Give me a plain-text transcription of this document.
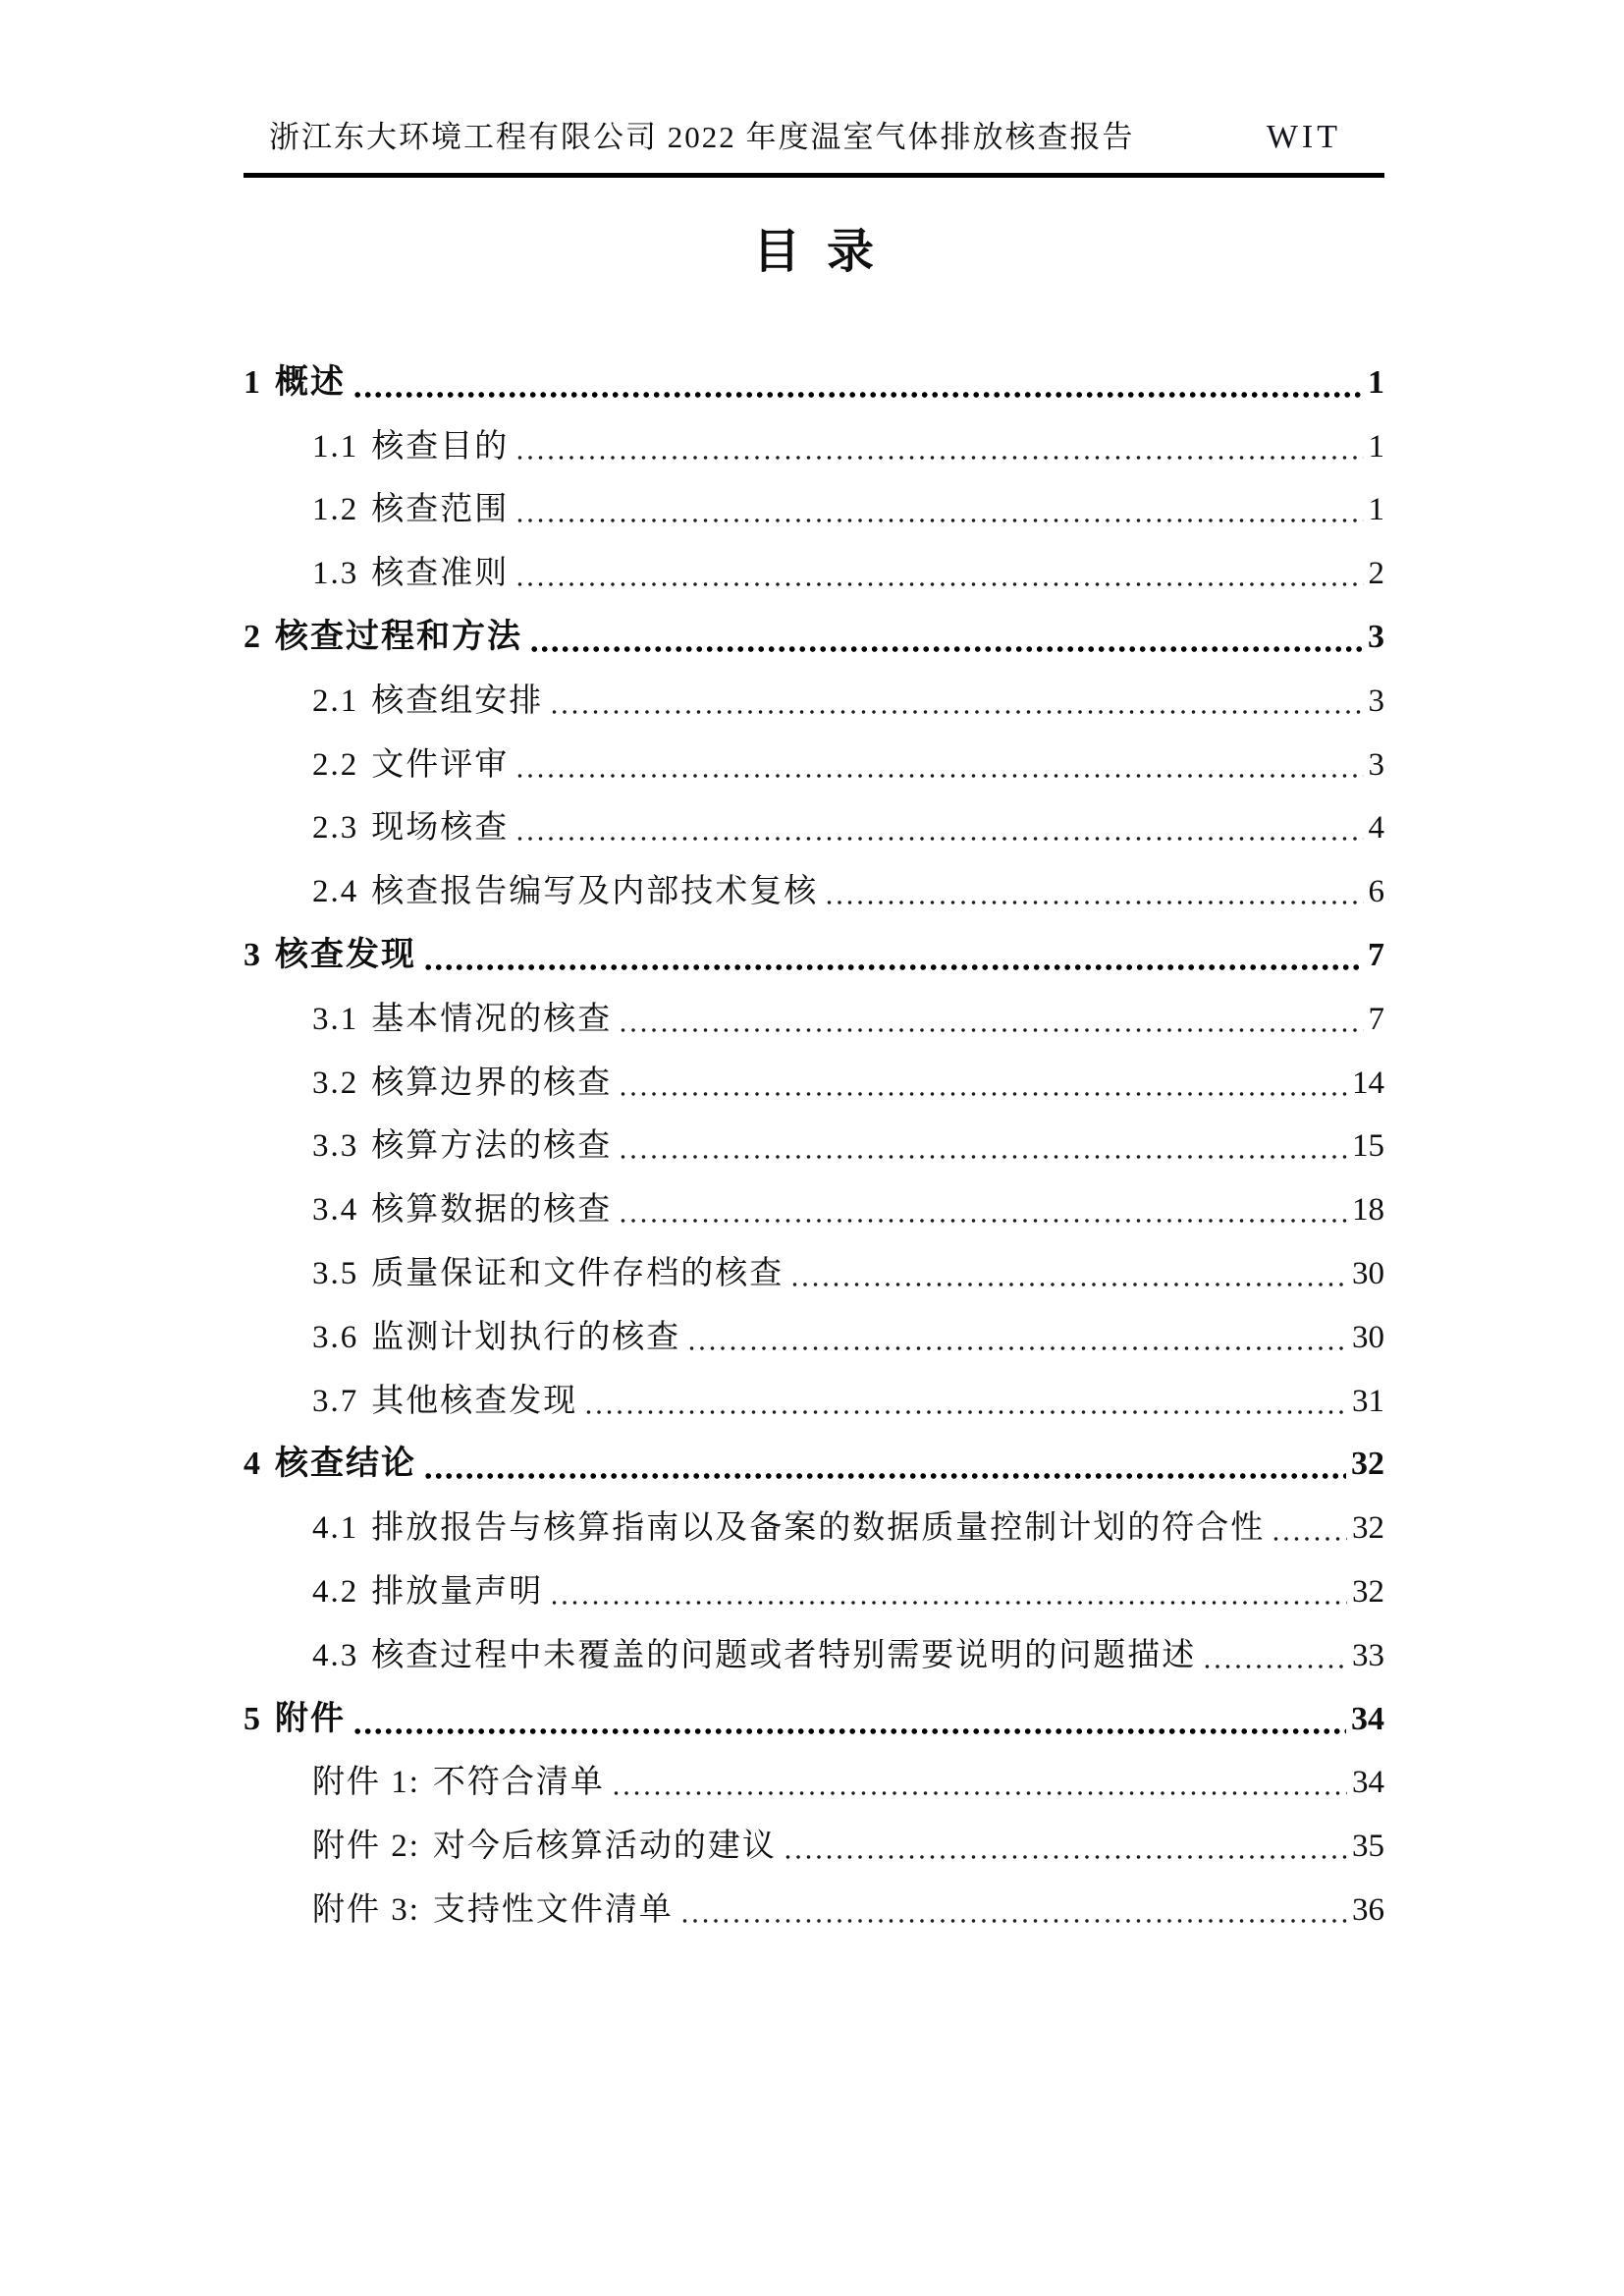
浙江东大环境工程有限公司 2022 年度温室气体排放核查报告	WIT
目  录
1 概述	1
1.1 核查目的	1
1.2 核查范围	1
1.3 核查准则	2
2 核查过程和方法	3
2.1 核查组安排	3
2.2 文件评审	3
2.3 现场核查	4
2.4 核查报告编写及内部技术复核	6
3 核查发现	7
3.1 基本情况的核查	7
3.2 核算边界的核查	14
3.3 核算方法的核查	15
3.4 核算数据的核查	18
3.5 质量保证和文件存档的核查	30
3.6 监测计划执行的核查	30
3.7 其他核查发现	31
4 核查结论	32
4.1 排放报告与核算指南以及备案的数据质量控制计划的符合性	32
4.2 排放量声明	32
4.3 核查过程中未覆盖的问题或者特别需要说明的问题描述	33
5 附件	34
附件 1: 不符合清单	34
附件 2: 对今后核算活动的建议	35
附件 3: 支持性文件清单	36
